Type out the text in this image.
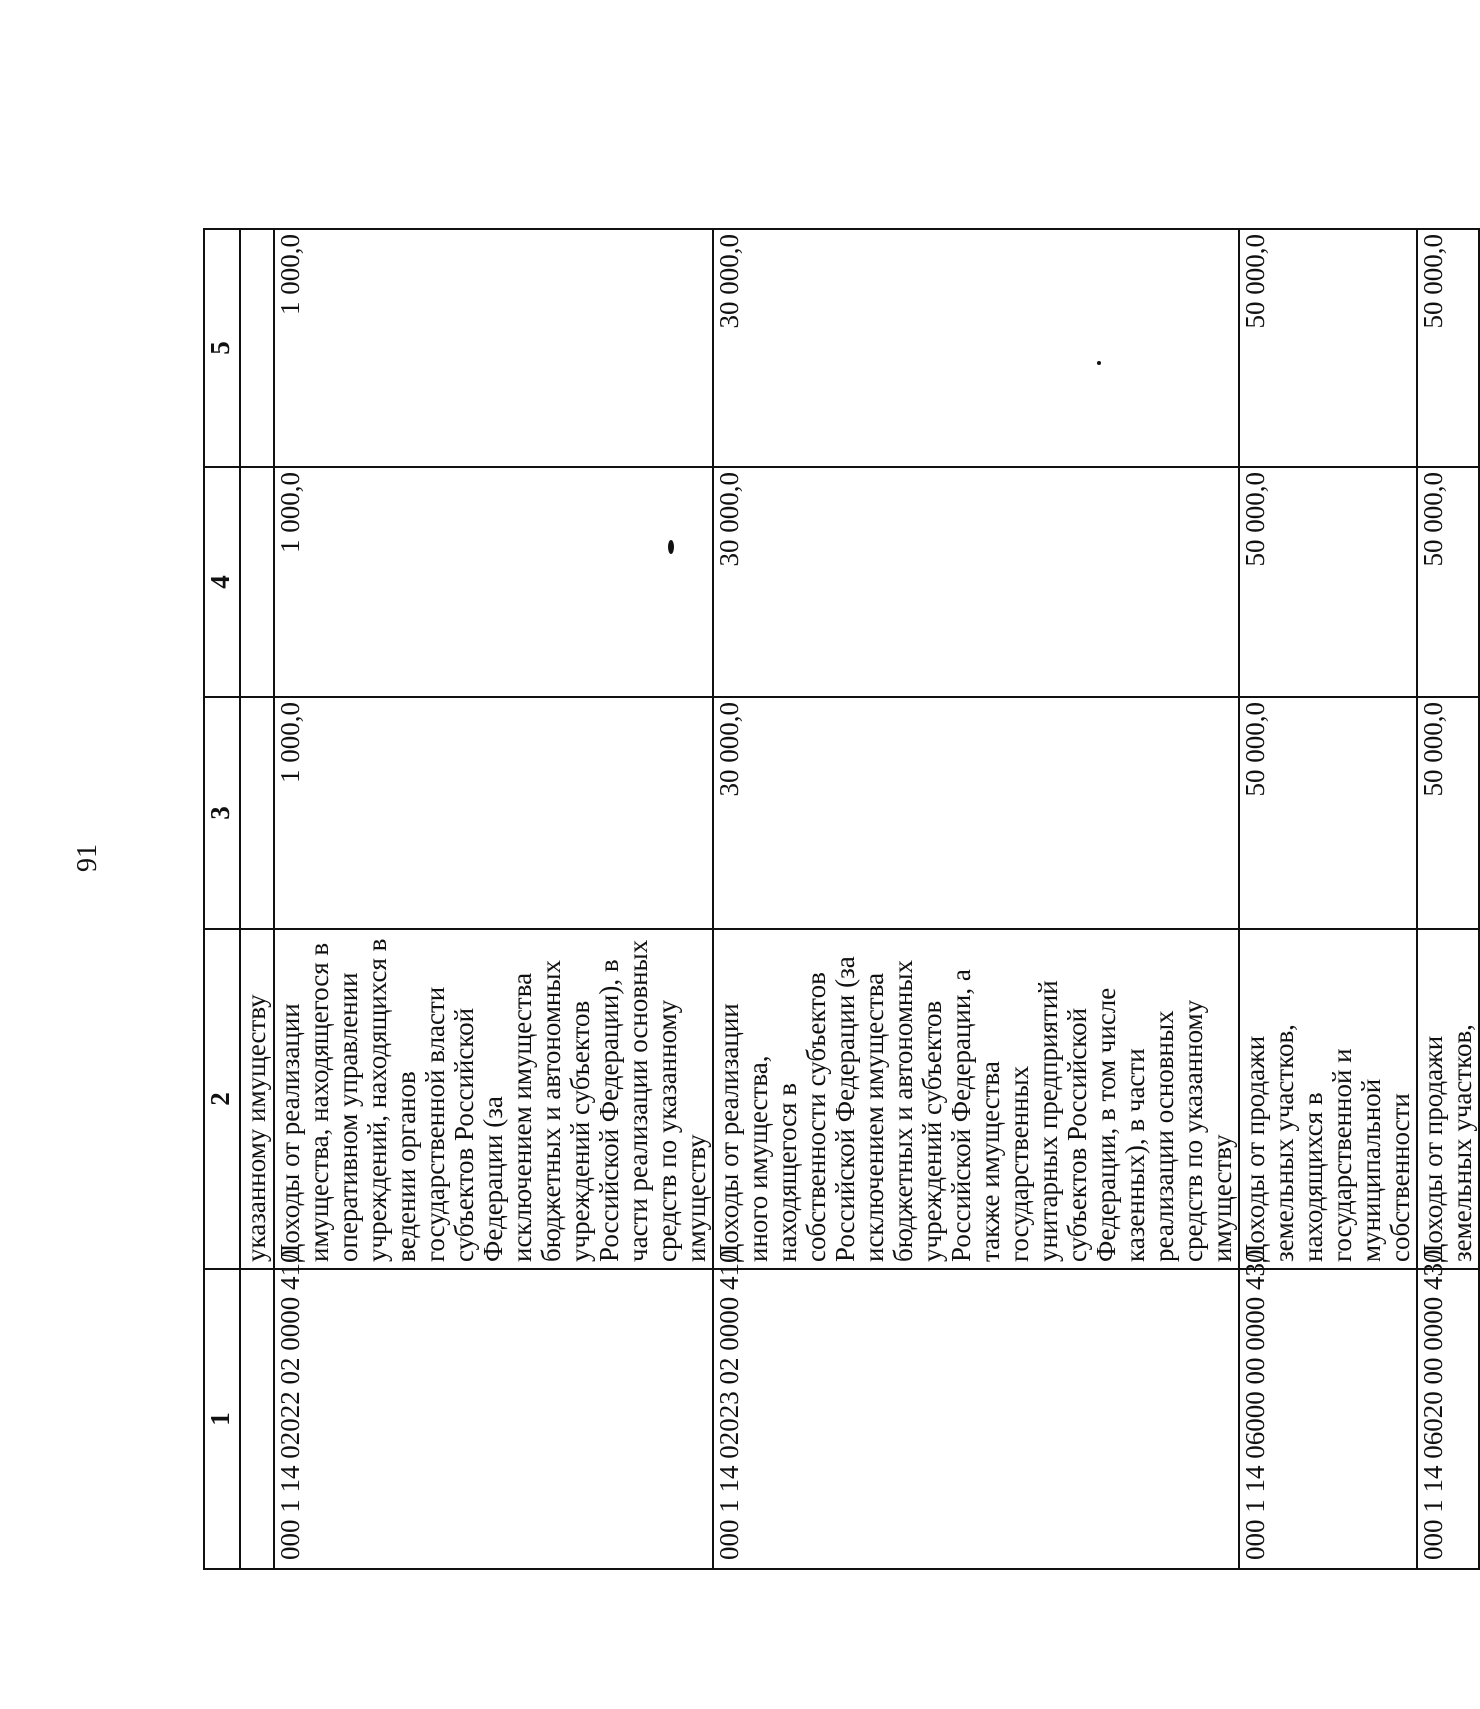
91
1	2	3	4	5
	указанному имуществу			
000 1 14 02022 02 0000 410	Доходы от реализации имущества, находящегося в оперативном управлении учреждений, находящихся в ведении органов государственной власти субъектов Российской Федерации (за исключением имущества бюджетных и автономных учреждений субъектов Российской Федерации), в части реализации основных средств по указанному имуществу	1 000,0	1 000,0	1 000,0
000 1 14 02023 02 0000 410	Доходы от реализации иного имущества, находящегося в собственности субъектов Российской Федерации (за исключением имущества бюджетных и автономных учреждений субъектов Российской Федерации, а также имущества государственных унитарных предприятий субъектов Российской Федерации, в том числе казенных), в части реализации основных средств по указанному имуществу	30 000,0	30 000,0	30 000,0
000 1 14 06000 00 0000 430	Доходы от продажи земельных участков, находящихся в государственной и муниципальной собственности	50 000,0	50 000,0	50 000,0
000 1 14 06020 00 0000 430	Доходы от продажи земельных участков,	50 000,0	50 000,0	50 000,0
